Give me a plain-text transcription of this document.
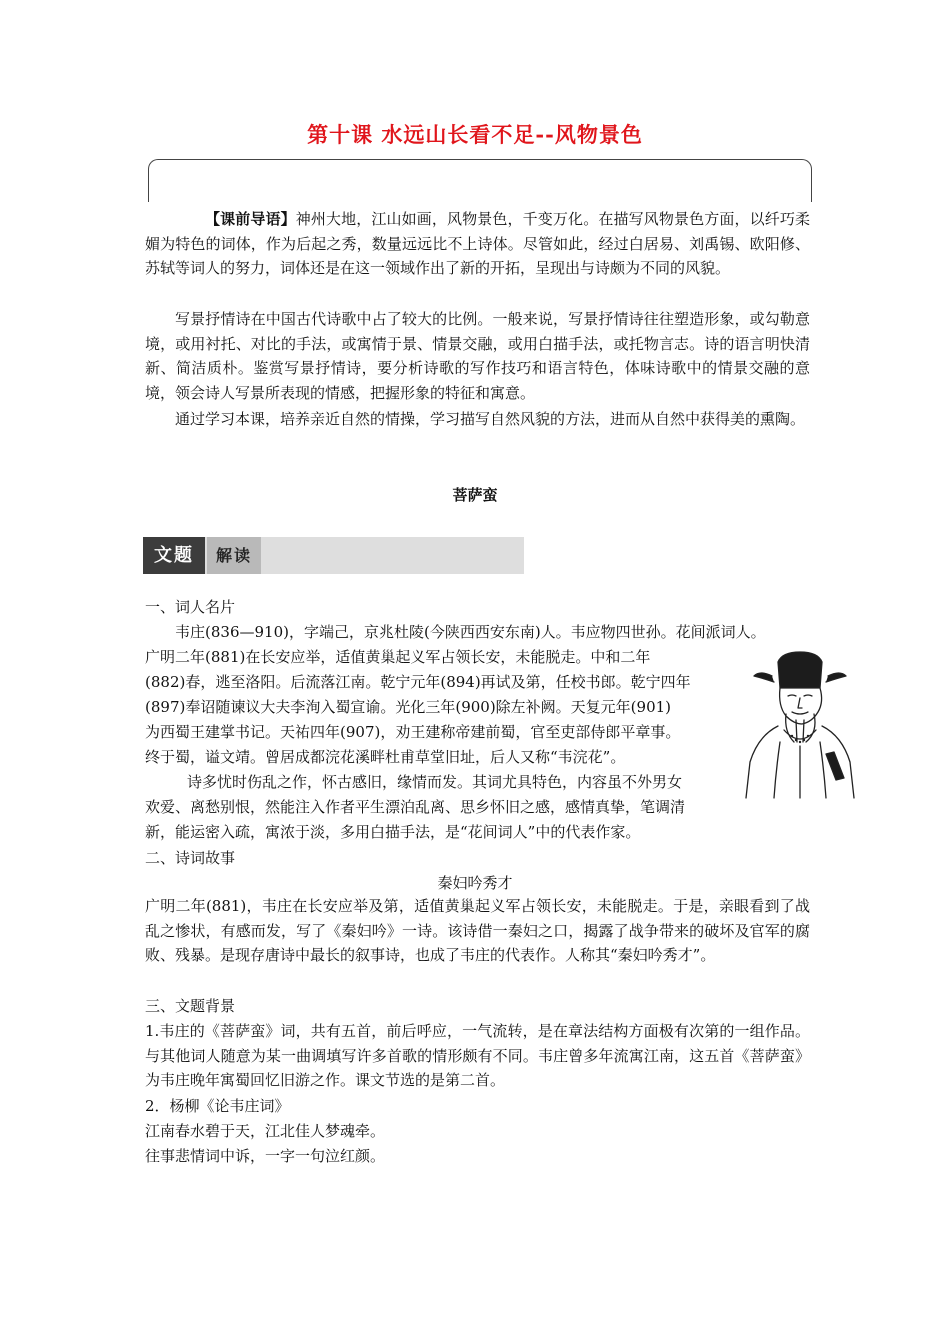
第十课 水远山长看不足--风物景色
【课前导语】神州大地，江山如画，风物景色，千变万化。在描写风物景色方面，以纤巧柔媚为特色的词体，作为后起之秀，数量远远比不上诗体。尽管如此，经过白居易、刘禹锡、欧阳修、苏轼等词人的努力，词体还是在这一领域作出了新的开拓，呈现出与诗颇为不同的风貌。
写景抒情诗在中国古代诗歌中占了较大的比例。一般来说，写景抒情诗往往塑造形象，或勾勒意境，或用衬托、对比的手法，或寓情于景、情景交融，或用白描手法，或托物言志。诗的语言明快清新、简洁质朴。鉴赏写景抒情诗，要分析诗歌的写作技巧和语言特色，体味诗歌中的情景交融的意境，领会诗人写景所表现的情感，把握形象的特征和寓意。
通过学习本课，培养亲近自然的情操，学习描写自然风貌的方法，进而从自然中获得美的熏陶。
菩萨蛮
文题	解读
一、词人名片
韦庄(836—910)，字端己，京兆杜陵(今陕西西安东南)人。韦应物四世孙。花间派词人。
广明二年(881)在长安应举，适值黄巢起义军占领长安，未能脱走。中和二年
(882)春，逃至洛阳。后流落江南。乾宁元年(894)再试及第，任校书郎。乾宁四年
(897)奉诏随谏议大夫李洵入蜀宣谕。光化三年(900)除左补阙。天复元年(901)
为西蜀王建掌书记。天祐四年(907)，劝王建称帝建前蜀，官至吏部侍郎平章事。
终于蜀，谥文靖。曾居成都浣花溪畔杜甫草堂旧址，后人又称“韦浣花”。
诗多忧时伤乱之作，怀古感旧，缘情而发。其词尤具特色，内容虽不外男女
欢爱、离愁别恨，然能注入作者平生漂泊乱离、思乡怀旧之感，感情真挚，笔调清
新，能运密入疏，寓浓于淡，多用白描手法，是“花间词人”中的代表作家。
二、诗词故事
秦妇吟秀才
广明二年(881)，韦庄在长安应举及第，适值黄巢起义军占领长安，未能脱走。于是，亲眼看到了战乱之惨状，有感而发，写了《秦妇吟》一诗。该诗借一秦妇之口，揭露了战争带来的破坏及官军的腐败、残暴。是现存唐诗中最长的叙事诗，也成了韦庄的代表作。人称其“秦妇吟秀才”。
三、文题背景
1.韦庄的《菩萨蛮》词，共有五首，前后呼应，一气流转，是在章法结构方面极有次第的一组作品。与其他词人随意为某一曲调填写许多首歌的情形颇有不同。韦庄曾多年流寓江南，这五首《菩萨蛮》为韦庄晚年寓蜀回忆旧游之作。课文节选的是第二首。
2．杨柳《论韦庄词》
江南春水碧于天，江北佳人梦魂牵。
往事悲情词中诉，一字一句泣红颜。
